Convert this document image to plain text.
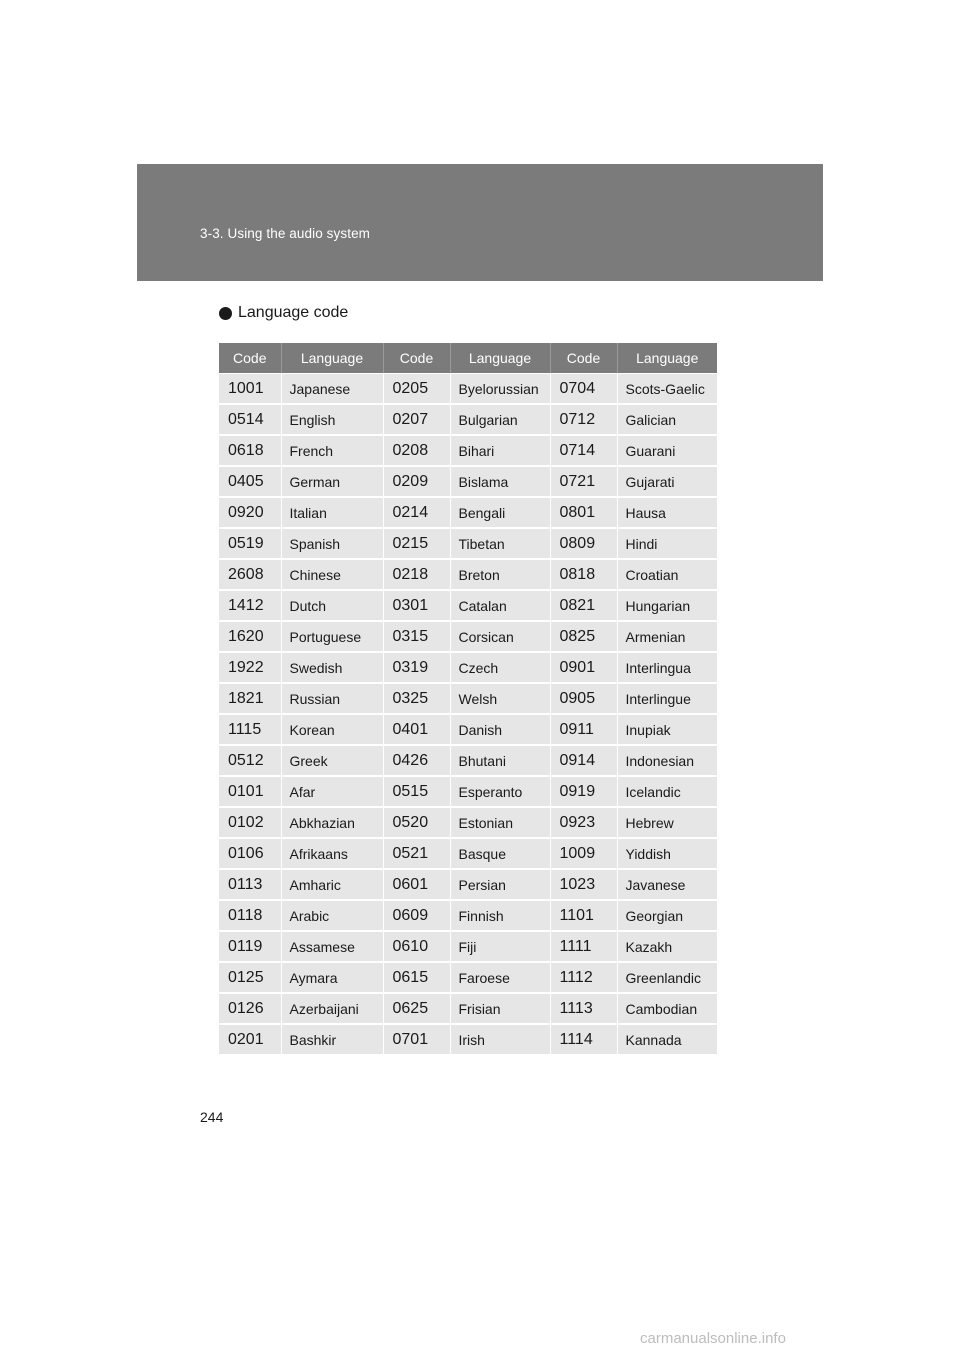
3-3. Using the audio system
Language code
Code	Language	Code	Language	Code	Language
1001	Japanese	0205	Byelorussian	0704	Scots-Gaelic
0514	English	0207	Bulgarian	0712	Galician
0618	French	0208	Bihari	0714	Guarani
0405	German	0209	Bislama	0721	Gujarati
0920	Italian	0214	Bengali	0801	Hausa
0519	Spanish	0215	Tibetan	0809	Hindi
2608	Chinese	0218	Breton	0818	Croatian
1412	Dutch	0301	Catalan	0821	Hungarian
1620	Portuguese	0315	Corsican	0825	Armenian
1922	Swedish	0319	Czech	0901	Interlingua
1821	Russian	0325	Welsh	0905	Interlingue
1115	Korean	0401	Danish	0911	Inupiak
0512	Greek	0426	Bhutani	0914	Indonesian
0101	Afar	0515	Esperanto	0919	Icelandic
0102	Abkhazian	0520	Estonian	0923	Hebrew
0106	Afrikaans	0521	Basque	1009	Yiddish
0113	Amharic	0601	Persian	1023	Javanese
0118	Arabic	0609	Finnish	1101	Georgian
0119	Assamese	0610	Fiji	1111	Kazakh
0125	Aymara	0615	Faroese	1112	Greenlandic
0126	Azerbaijani	0625	Frisian	1113	Cambodian
0201	Bashkir	0701	Irish	1114	Kannada
244
carmanualsonline.info
